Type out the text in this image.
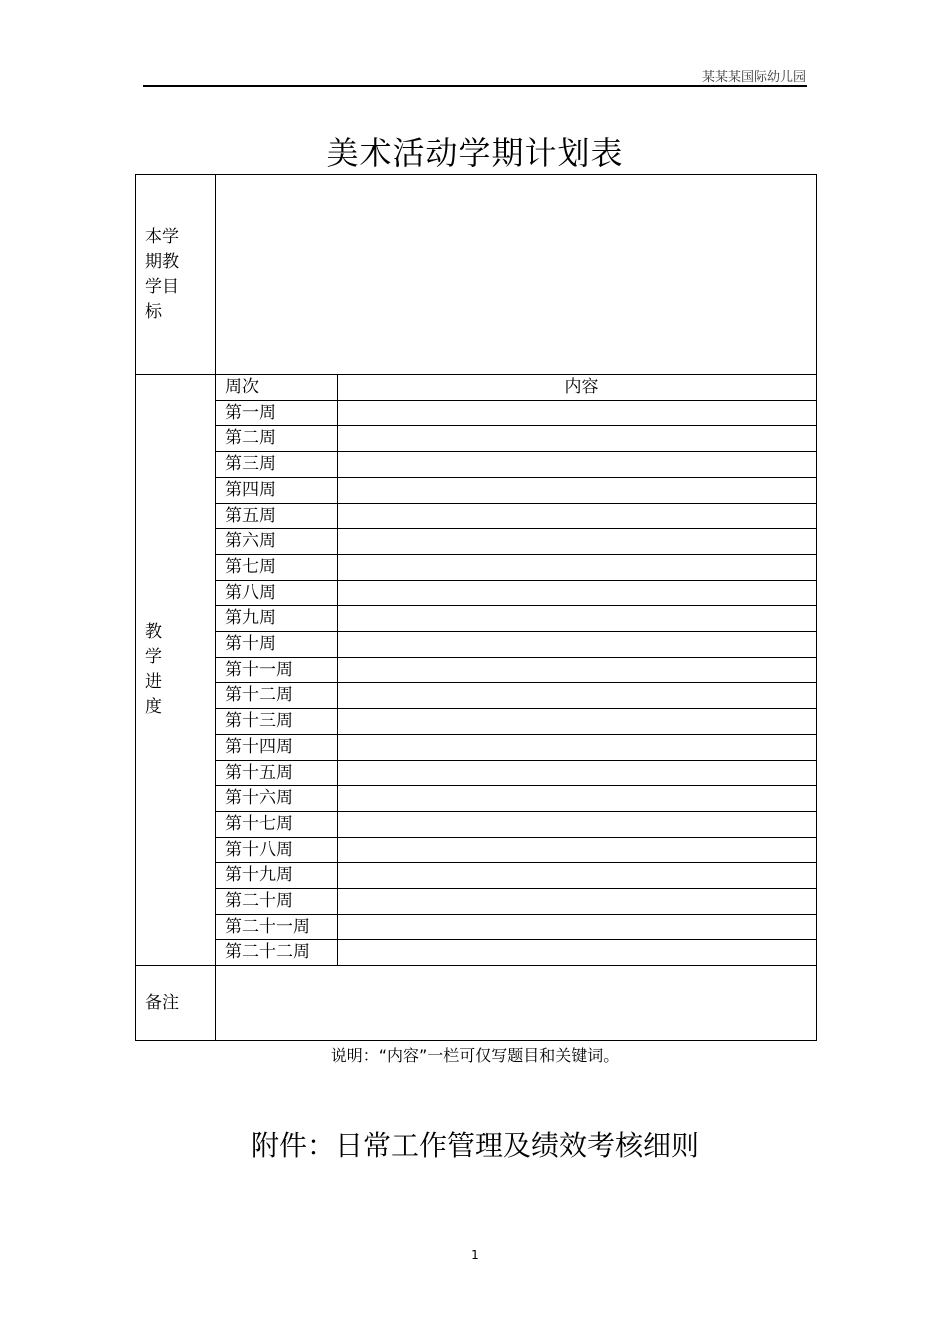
某某某国际幼儿园
美术活动学期计划表
本学
期教
学目
标		

教
学
进
度	周次	内容
	第一周	
	第二周	
	第三周	
	第四周	
	第五周	
	第六周	
	第七周	
	第八周	
	第九周	
	第十周	
	第十一周	
	第十二周	
	第十三周	
	第十四周	
	第十五周	
	第十六周	
	第十七周	
	第十八周	
	第十九周	
	第二十周	
	第二十一周	
	第二十二周	
备注		
说明：“内容”一栏可仅写题目和关键词。
附件：日常工作管理及绩效考核细则
1
